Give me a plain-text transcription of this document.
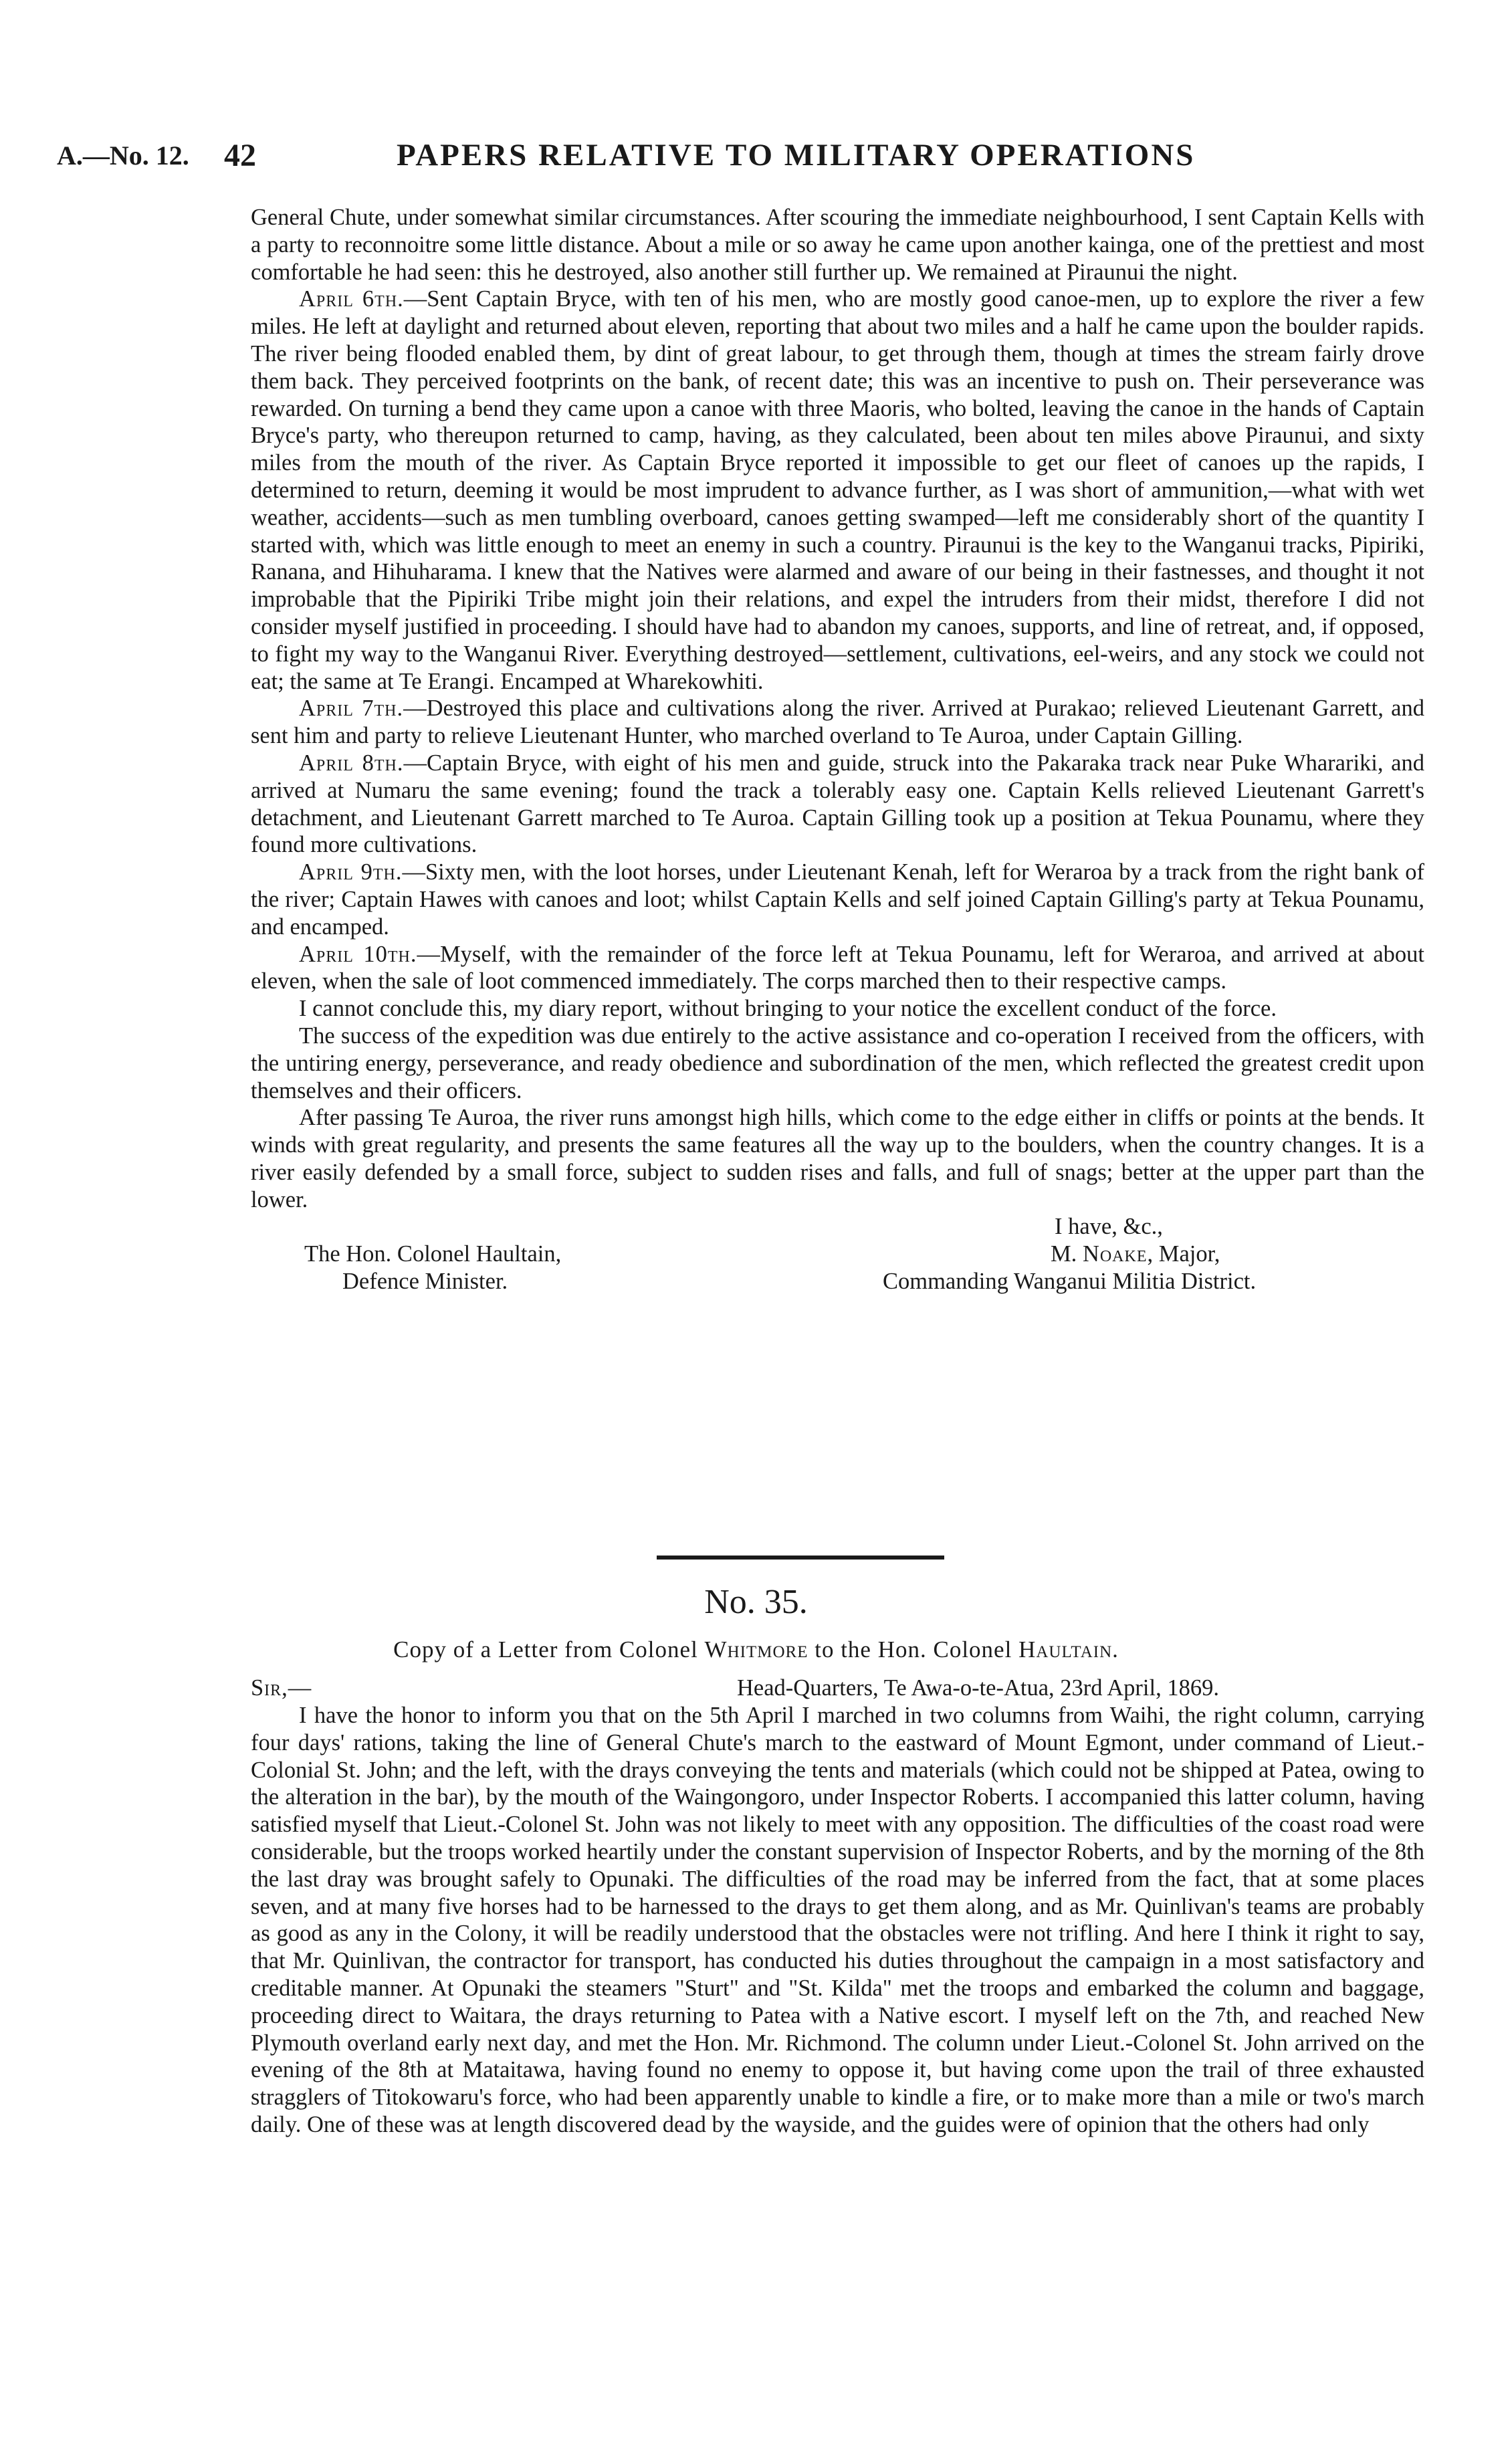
A.—No. 12. 42	PAPERS RELATIVE TO MILITARY OPERATIONS

General Chute, under somewhat similar circumstances. After scouring the immediate neighbourhood, I sent Captain Kells with a party to reconnoitre some little distance. About a mile or so away he came upon another kainga, one of the prettiest and most comfortable he had seen: this he destroyed, also another still further up. We remained at Piraunui the night.

April 6th.—Sent Captain Bryce, with ten of his men, who are mostly good canoe-men, up to explore the river a few miles. He left at daylight and returned about eleven, reporting that about two miles and a half he came upon the boulder rapids. The river being flooded enabled them, by dint of great labour, to get through them, though at times the stream fairly drove them back. They perceived footprints on the bank, of recent date; this was an incentive to push on. Their perseverance was rewarded. On turning a bend they came upon a canoe with three Maoris, who bolted, leaving the canoe in the hands of Captain Bryce's party, who thereupon returned to camp, having, as they calculated, been about ten miles above Piraunui, and sixty miles from the mouth of the river. As Captain Bryce reported it impossible to get our fleet of canoes up the rapids, I determined to return, deeming it would be most imprudent to advance further, as I was short of ammunition,—what with wet weather, accidents—such as men tumbling overboard, canoes getting swamped—left me considerably short of the quantity I started with, which was little enough to meet an enemy in such a country. Piraunui is the key to the Wanganui tracks, Pipiriki, Ranana, and Hihuharama. I knew that the Natives were alarmed and aware of our being in their fastnesses, and thought it not improbable that the Pipiriki Tribe might join their relations, and expel the intruders from their midst, therefore I did not consider myself justified in proceeding. I should have had to abandon my canoes, supports, and line of retreat, and, if opposed, to fight my way to the Wanganui River. Everything destroyed—settlement, cultivations, eel-weirs, and any stock we could not eat; the same at Te Erangi. Encamped at Wharekowhiti.

April 7th.—Destroyed this place and cultivations along the river. Arrived at Purakao; relieved Lieutenant Garrett, and sent him and party to relieve Lieutenant Hunter, who marched overland to Te Auroa, under Captain Gilling.

April 8th.—Captain Bryce, with eight of his men and guide, struck into the Pakaraka track near Puke Wharariki, and arrived at Numaru the same evening; found the track a tolerably easy one. Captain Kells relieved Lieutenant Garrett's detachment, and Lieutenant Garrett marched to Te Auroa. Captain Gilling took up a position at Tekua Pounamu, where they found more cultivations.

April 9th.—Sixty men, with the loot horses, under Lieutenant Kenah, left for Weraroa by a track from the right bank of the river; Captain Hawes with canoes and loot; whilst Captain Kells and self joined Captain Gilling's party at Tekua Pounamu, and encamped.

April 10th.—Myself, with the remainder of the force left at Tekua Pounamu, left for Weraroa, and arrived at about eleven, when the sale of loot commenced immediately. The corps marched then to their respective camps.

I cannot conclude this, my diary report, without bringing to your notice the excellent conduct of the force.

The success of the expedition was due entirely to the active assistance and co-operation I received from the officers, with the untiring energy, perseverance, and ready obedience and subordination of the men, which reflected the greatest credit upon themselves and their officers.

After passing Te Auroa, the river runs amongst high hills, which come to the edge either in cliffs or points at the bends. It winds with great regularity, and presents the same features all the way up to the boulders, when the country changes. It is a river easily defended by a small force, subject to sudden rises and falls, and full of snags; better at the upper part than the lower.

I have, &c.,
The Hon. Colonel Haultain,	M. Noake, Major,
Defence Minister.	Commanding Wanganui Militia District.
No. 35.
Copy of a Letter from Colonel Whitmore to the Hon. Colonel Haultain.
Sir,—	Head-Quarters, Te Awa-o-te-Atua, 23rd April, 1869.

I have the honor to inform you that on the 5th April I marched in two columns from Waihi, the right column, carrying four days' rations, taking the line of General Chute's march to the eastward of Mount Egmont, under command of Lieut.-Colonial St. John; and the left, with the drays conveying the tents and materials (which could not be shipped at Patea, owing to the alteration in the bar), by the mouth of the Waingongoro, under Inspector Roberts. I accompanied this latter column, having satisfied myself that Lieut.-Colonel St. John was not likely to meet with any opposition. The difficulties of the coast road were considerable, but the troops worked heartily under the constant supervision of Inspector Roberts, and by the morning of the 8th the last dray was brought safely to Opunaki. The difficulties of the road may be inferred from the fact, that at some places seven, and at many five horses had to be harnessed to the drays to get them along, and as Mr. Quinlivan's teams are probably as good as any in the Colony, it will be readily understood that the obstacles were not trifling. And here I think it right to say, that Mr. Quinlivan, the contractor for transport, has conducted his duties throughout the campaign in a most satisfactory and creditable manner. At Opunaki the steamers "Sturt" and "St. Kilda" met the troops and embarked the column and baggage, proceeding direct to Waitara, the drays returning to Patea with a Native escort. I myself left on the 7th, and reached New Plymouth overland early next day, and met the Hon. Mr. Richmond. The column under Lieut.-Colonel St. John arrived on the evening of the 8th at Mataitawa, having found no enemy to oppose it, but having come upon the trail of three exhausted stragglers of Titokowaru's force, who had been apparently unable to kindle a fire, or to make more than a mile or two's march daily. One of these was at length discovered dead by the wayside, and the guides were of opinion that the others had only
